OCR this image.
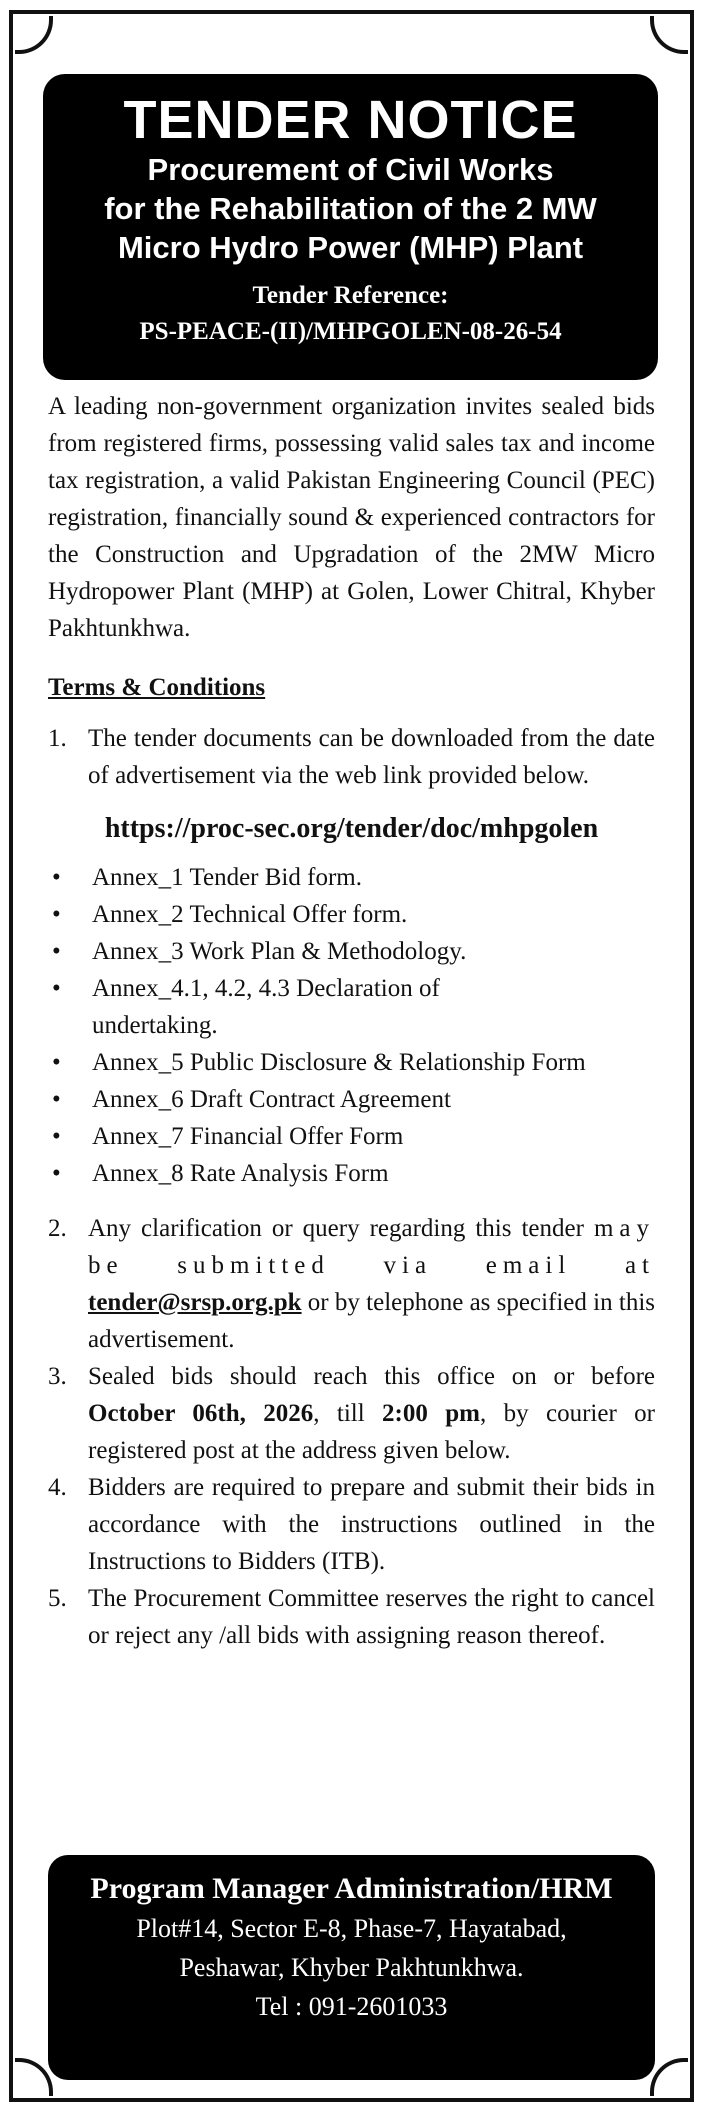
TENDER NOTICE
Procurement of Civil Works
for the Rehabilitation of the 2 MW
Micro Hydro Power (MHP) Plant
Tender Reference:
PS-PEACE-(II)/MHPGOLEN-08-26-54

A leading non-government organization invites sealed bids from registered firms, possessing valid sales tax and income tax registration, a valid Pakistan Engineering Council (PEC) registration, financially sound & experienced contractors for the Construction and Upgradation of the 2MW Micro Hydropower Plant (MHP) at Golen, Lower Chitral, Khyber Pakhtunkhwa.

Terms & Conditions
1. The tender documents can be downloaded from the date of advertisement via the web link provided below.
https://proc-sec.org/tender/doc/mhpgolen
•	Annex_1 Tender Bid form.
•	Annex_2 Technical Offer form.
•	Annex_3 Work Plan & Methodology.
•	Annex_4.1, 4.2, 4.3 Declaration of undertaking.
•	Annex_5 Public Disclosure & Relationship Form
•	Annex_6 Draft Contract Agreement
•	Annex_7 Financial Offer Form
•	Annex_8 Rate Analysis Form
2. Any clarification or query regarding this tender may be submitted via email at tender@srsp.org.pk or by telephone as specified in this advertisement.
3. Sealed bids should reach this office on or before October 06th, 2026, till 2:00 pm, by courier or registered post at the address given below.
4. Bidders are required to prepare and submit their bids in accordance with the instructions outlined in the Instructions to Bidders (ITB).
5. The Procurement Committee reserves the right to cancel or reject any /all bids with assigning reason thereof.
Program Manager Administration/HRM
Plot#14, Sector E-8, Phase-7, Hayatabad,
Peshawar, Khyber Pakhtunkhwa.
Tel : 091-2601033
